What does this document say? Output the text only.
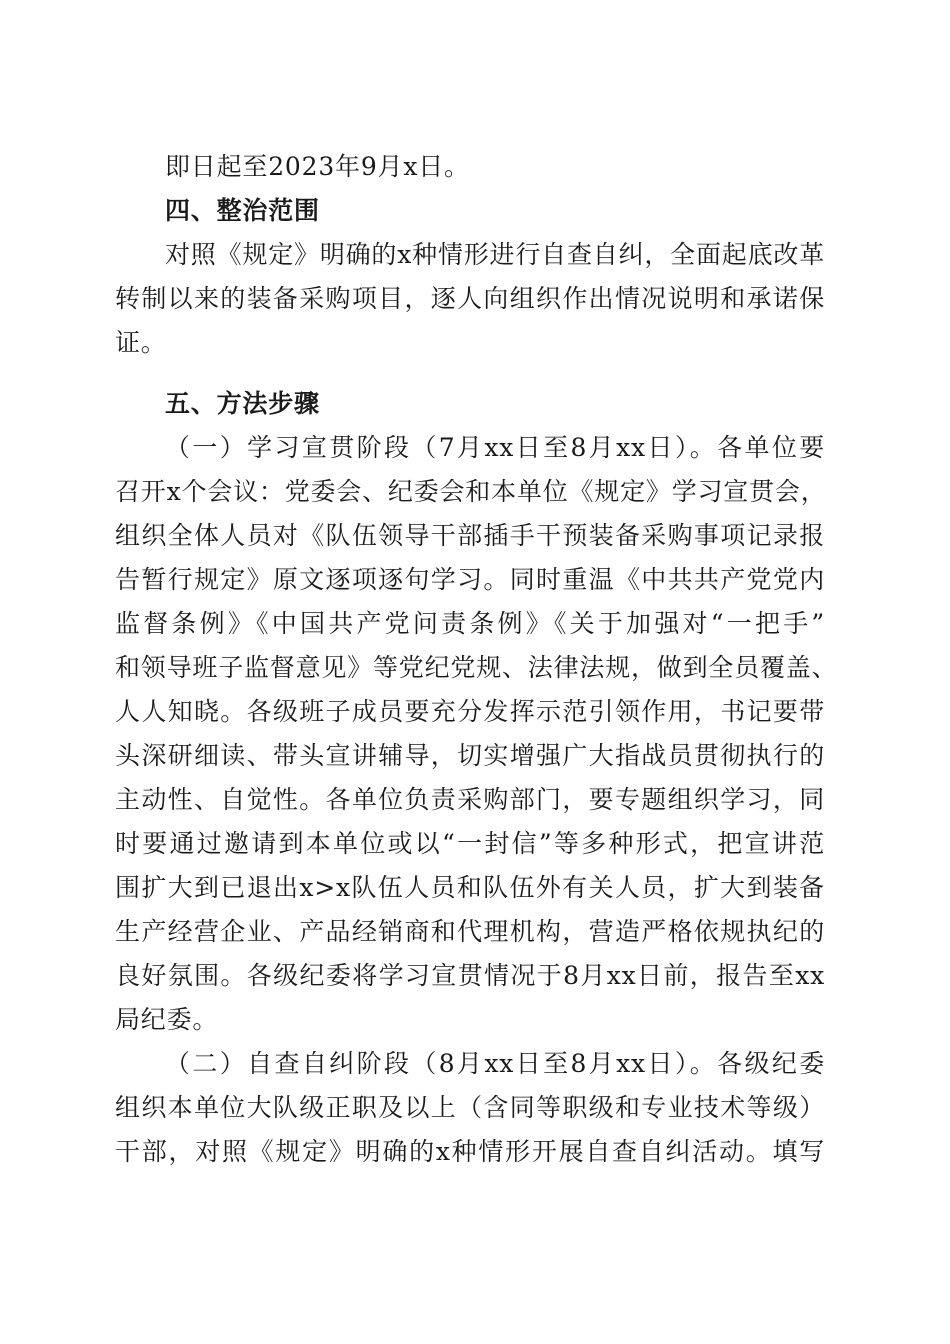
即日起至2023年9月x日。
四、整治范围
对照《规定》明确的x种情形进行自查自纠，全面起底改革
转制以来的装备采购项目，逐人向组织作出情况说明和承诺保
证。
五、方法步骤
（一）学习宣贯阶段（7月xx日至8月xx日）。各单位要
召开x个会议：党委会、纪委会和本单位《规定》学习宣贯会，
组织全体人员对《队伍领导干部插手干预装备采购事项记录报
告暂行规定》原文逐项逐句学习。同时重温《中共共产党党内
监督条例》《中国共产党问责条例》《关于加强对“一把手”
和领导班子监督意见》等党纪党规、法律法规，做到全员覆盖、
人人知晓。各级班子成员要充分发挥示范引领作用，书记要带
头深研细读、带头宣讲辅导，切实增强广大指战员贯彻执行的
主动性、自觉性。各单位负责采购部门，要专题组织学习，同
时要通过邀请到本单位或以“一封信”等多种形式，把宣讲范
围扩大到已退出x>x队伍人员和队伍外有关人员，扩大到装备
生产经营企业、产品经销商和代理机构，营造严格依规执纪的
良好氛围。各级纪委将学习宣贯情况于8月xx日前，报告至xx
局纪委。
（二）自查自纠阶段（8月xx日至8月xx日）。各级纪委
组织本单位大队级正职及以上（含同等职级和专业技术等级）
干部，对照《规定》明确的x种情形开展自查自纠活动。填写
